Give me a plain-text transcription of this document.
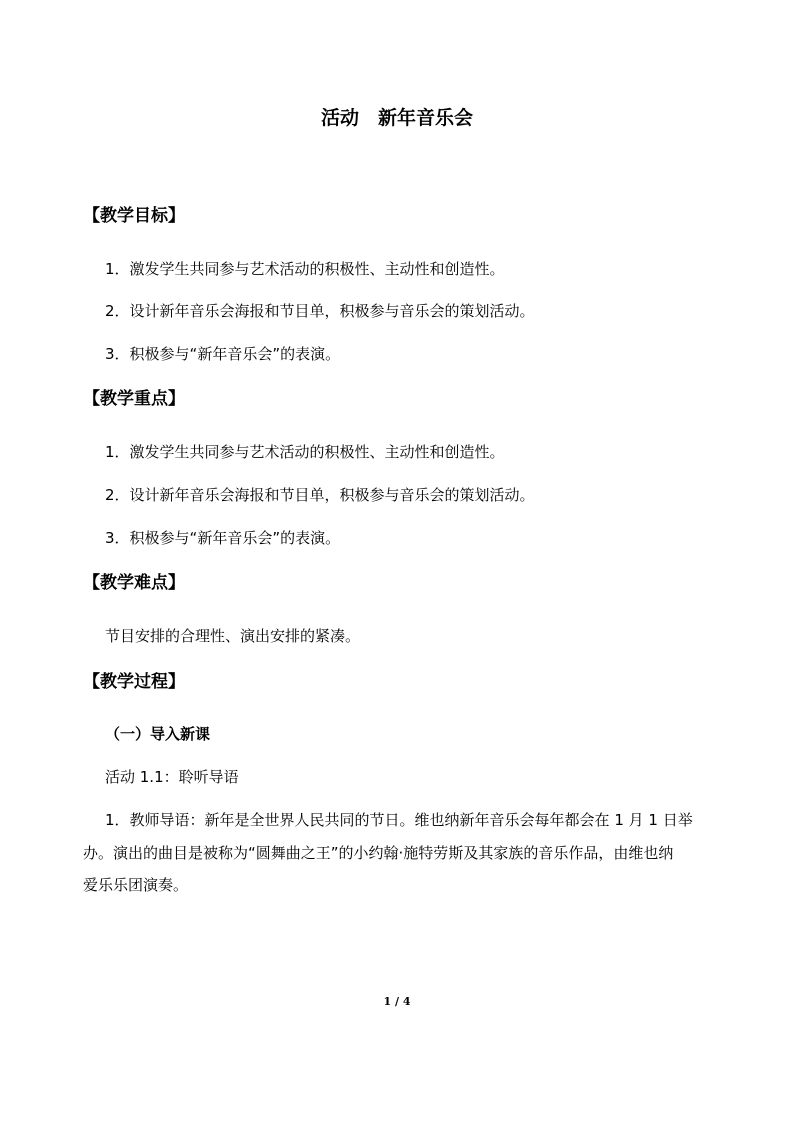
活动　新年音乐会
【教学目标】
1．激发学生共同参与艺术活动的积极性、主动性和创造性。
2．设计新年音乐会海报和节目单，积极参与音乐会的策划活动。
3．积极参与“新年音乐会”的表演。
【教学重点】
1．激发学生共同参与艺术活动的积极性、主动性和创造性。
2．设计新年音乐会海报和节目单，积极参与音乐会的策划活动。
3．积极参与“新年音乐会”的表演。
【教学难点】
节目安排的合理性、演出安排的紧凑。
【教学过程】
（一）导入新课
活动 1.1：聆听导语
1．教师导语：新年是全世界人民共同的节日。维也纳新年音乐会每年都会在 1 月 1 日举
办。演出的曲目是被称为“圆舞曲之王”的小约翰·施特劳斯及其家族的音乐作品，由维也纳
爱乐乐团演奏。
1 / 4
